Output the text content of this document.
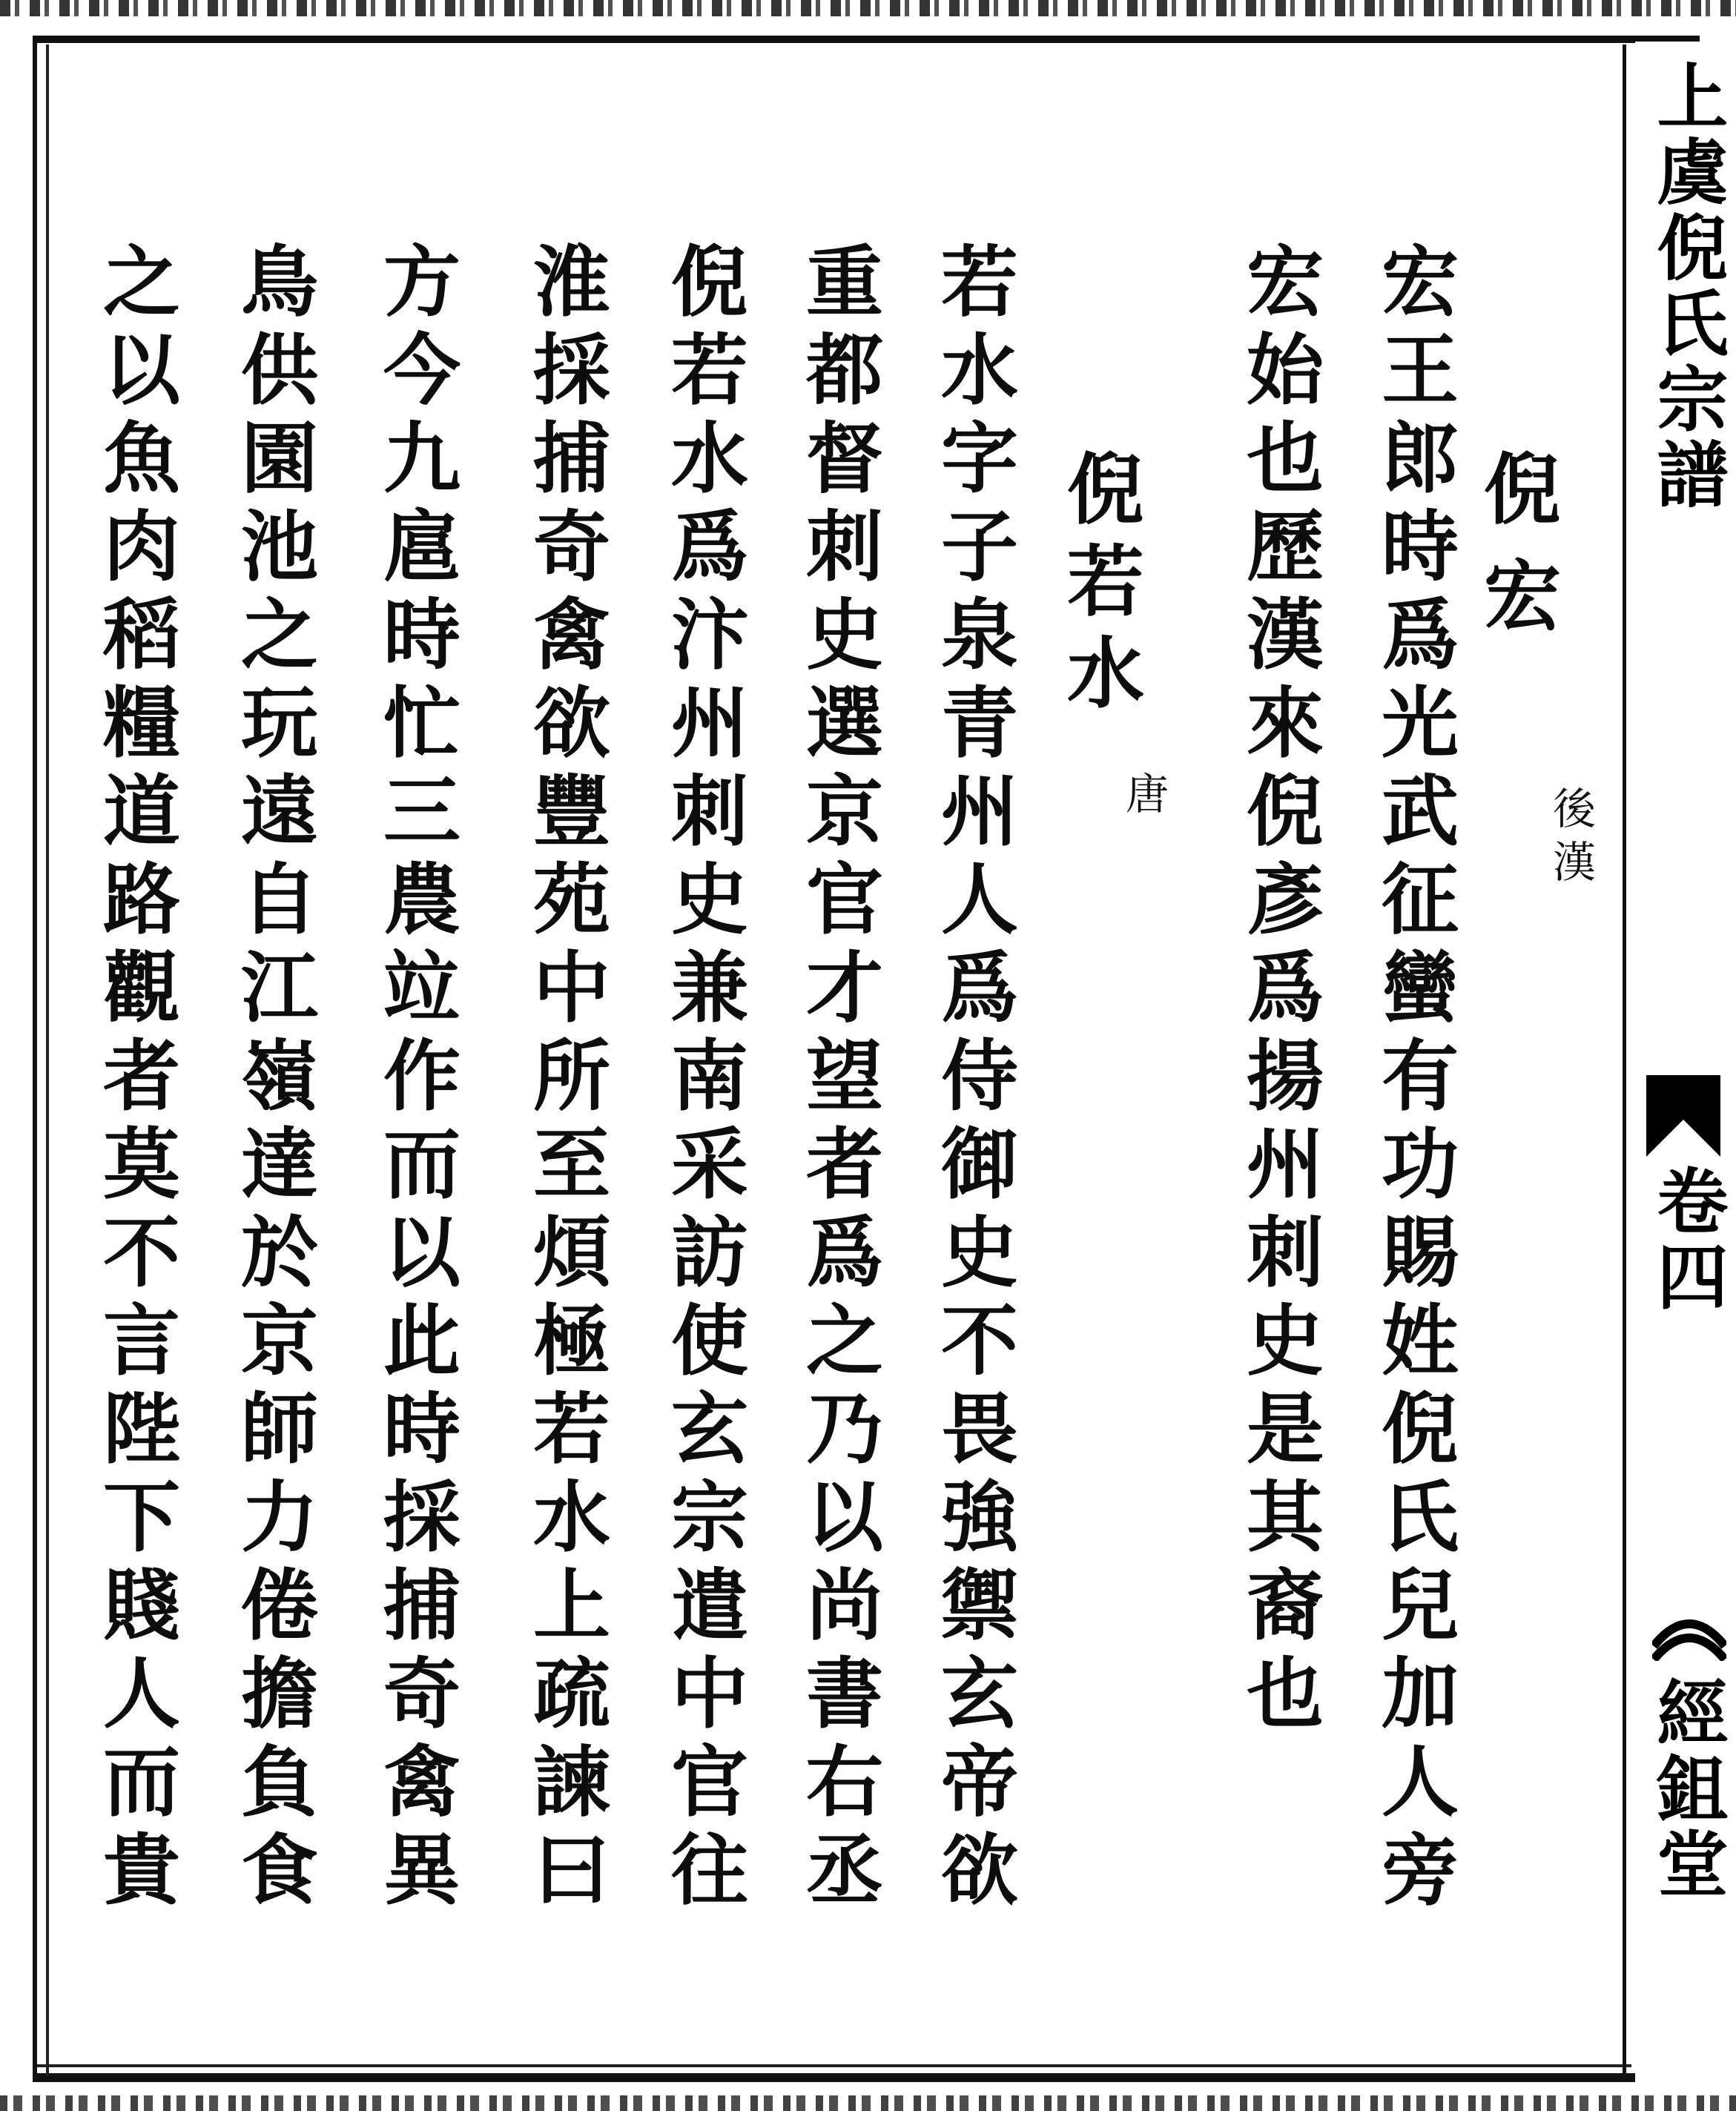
上虞倪氏宗譜
卷四
經鉏堂
倪宏
後漢
宏王郎時爲光武征蠻有功賜姓倪氏兒加人旁
宏始也歷漢來倪彥爲揚州刺史是其裔也
倪若水
唐
若水字子泉青州人爲侍御史不畏強禦玄帝欲
重都督刺史選京官才望者爲之乃以尚書右丞
倪若水爲汴州刺史兼南采訪使玄宗遣中官往
淮採捕奇禽欲豐苑中所至煩極若水上疏諫曰
方今九扈時忙三農竝作而以此時採捕奇禽異
鳥供園池之玩遠自江嶺達於京師力倦擔負食
之以魚肉稻糧道路觀者莫不言陛下賤人而貴
